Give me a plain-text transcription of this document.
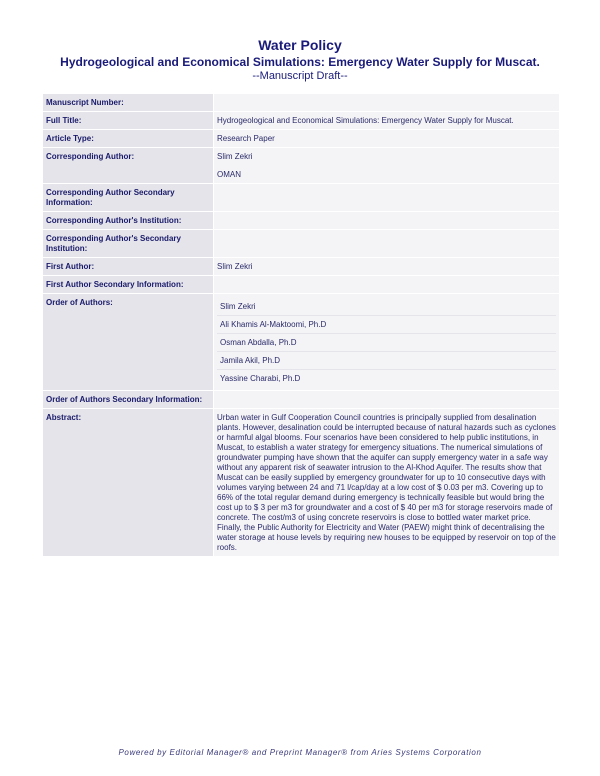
Water Policy
Hydrogeological and Economical Simulations: Emergency Water Supply for Muscat.
--Manuscript Draft--
Manuscript Number:	
Full Title:	Hydrogeological and Economical Simulations: Emergency Water Supply for Muscat.
Article Type:	Research Paper
Corresponding Author:	Slim Zekri
OMAN

Corresponding Author Secondary Information:	
Corresponding Author's Institution:	
Corresponding Author's Secondary Institution:	
First Author:	Slim Zekri
First Author Secondary Information:	
Order of Authors:	Slim Zekri
Ali Khamis Al-Maktoomi, Ph.D
Osman Abdalla, Ph.D
Jamila Akil, Ph.D
Yassine Charabi, Ph.D

Order of Authors Secondary Information:	
Abstract:	Urban water in Gulf Cooperation Council countries is principally supplied from desalination plants. However, desalination could be interrupted because of natural hazards such as cyclones or harmful algal blooms. Four scenarios have been considered to help public institutions, in Muscat, to establish a water strategy for emergency situations. The numerical simulations of groundwater pumping have shown that the aquifer can supply emergency water in a safe way without any apparent risk of seawater intrusion to the Al-Khod Aquifer. The results show that Muscat can be easily supplied by emergency groundwater for up to 10 consecutive days with volumes varying between 24 and 71 l/cap/day at a low cost of $ 0.03 per m3. Covering up to 66% of the total regular demand during emergency is technically feasible but would bring the cost up to $ 3 per m3 for groundwater and a cost of $ 40 per m3 for storage reservoirs made of concrete. The cost/m3 of using concrete reservoirs is close to bottled water market price. Finally, the Public Authority for Electricity and Water (PAEW) might think of decentralising the water storage at house levels by requiring new houses to be equipped by reservoir on top of the roofs.
Powered by Editorial Manager® and Preprint Manager® from Aries Systems Corporation
